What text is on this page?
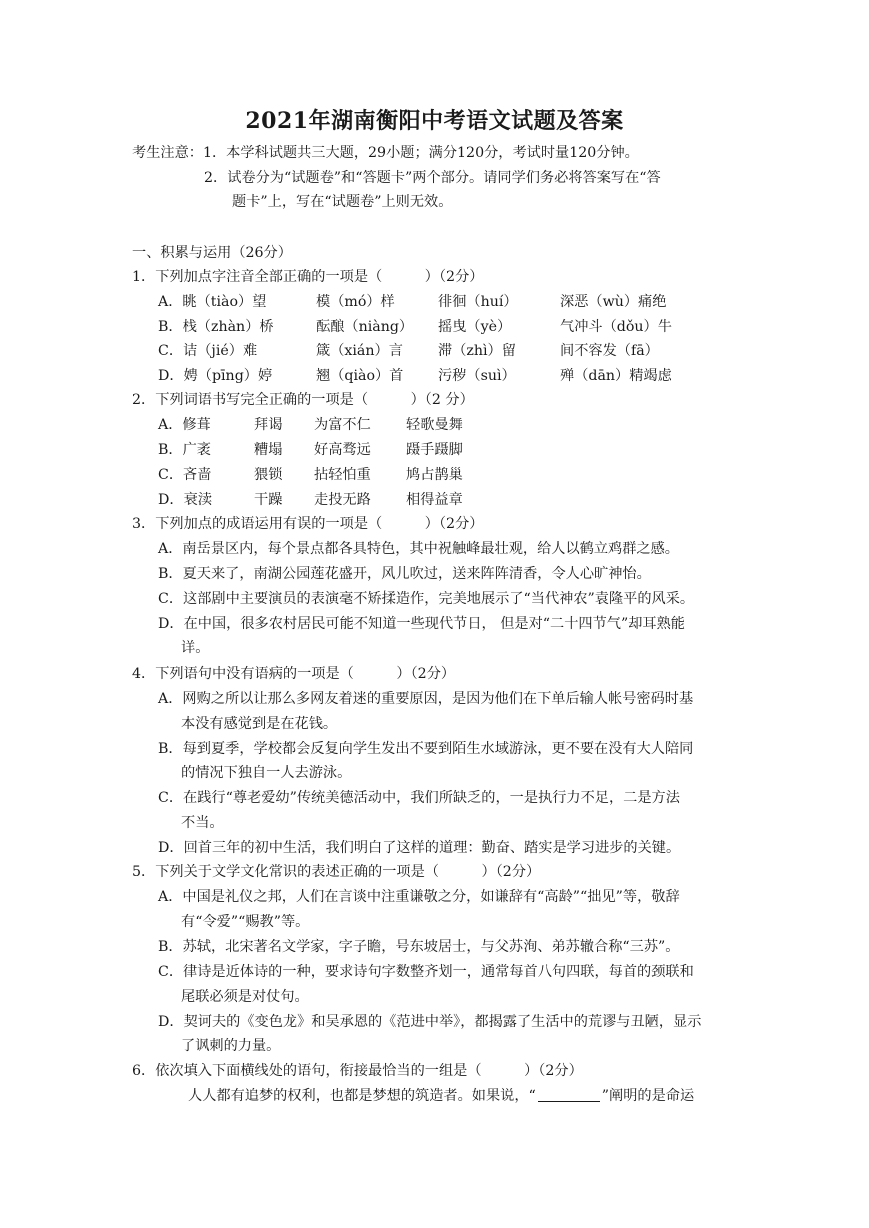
2021年湖南衡阳中考语文试题及答案
考生注意：1．本学科试题共三大题，29小题；满分120分，考试时量120分钟。
2．试卷分为“试题卷”和“答题卡”两个部分。请同学们务必将答案写在“答
题卡”上，写在“试题卷”上则无效。
一、积累与运用（26分）
1．下列加点字注音全部正确的一项是（　　　）（2分）
A．眺（tiào）望	模（mó）样	徘徊（huí）	深恶（wù）痛绝
B．栈（zhàn）桥	酝酿（niàng） 摇曳（yè）	气冲斗（dǒu）牛
C．诘（jié）难	箴（xián）言 滞（zhì）留	间不容发（fā）
D．娉（pīng）婷	翘（qiào）首 污秽（suì）	殚（dān）精竭虑
2．下列词语书写完全正确的一项是（　　　）（2 分）
A．修葺	拜谒 为富不仁 轻歌曼舞
B．广袤	糟塌 好高骛远 蹑手蹑脚
C．吝啬	猥锁 拈轻怕重 鸠占鹊巢
D．衰渎	干躁 走投无路 相得益章
3．下列加点的成语运用有误的一项是（　　　）（2分）
A．南岳景区内，每个景点都各具特色，其中祝触峰最壮观，给人以鹤立鸡群之感。
B．夏天来了，南湖公园莲花盛开，风儿吹过，送来阵阵清香，令人心旷神怡。
C．这部剧中主要演员的表演毫不矫揉造作，完美地展示了“当代神农”袁隆平的风采。
D．在中国，很多农村居民可能不知道一些现代节日， 但是对“二十四节气”却耳熟能
详。
4．下列语句中没有语病的一项是（　　　）（2分）
A．网购之所以让那么多网友着迷的重要原因，是因为他们在下单后输人帐号密码时基
本没有感觉到是在花钱。
B．每到夏季，学校都会反复向学生发出不要到陌生水域游泳，更不要在没有大人陪同
的情况下独自一人去游泳。
C．在践行“尊老爱幼”传统美德活动中，我们所缺乏的，一是执行力不足，二是方法
不当。
D．回首三年的初中生活，我们明白了这样的道理：勤奋、踏实是学习进步的关键。
5．下列关于文学文化常识的表述正确的一项是（　　　）（2分）
A．中国是礼仪之邦，人们在言谈中注重谦敬之分，如谦辞有“高龄”“拙见”等，敬辞
有“令爱”“赐教”等。
B．苏轼，北宋著名文学家，字子瞻，号东坡居士，与父苏洵、弟苏辙合称“三苏”。
C．律诗是近体诗的一种，要求诗句字数整齐划一，通常每首八句四联，每首的颈联和
尾联必须是对仗句。
D．契诃夫的《变色龙》和吴承恩的《范进中举》，都揭露了生活中的荒谬与丑陋，显示
了讽刺的力量。
6．依次填入下面横线处的语句，衔接最恰当的一组是（　　　）（2分）
人人都有追梦的权利，也都是梦想的筑造者。如果说，“	”阐明的是命运
